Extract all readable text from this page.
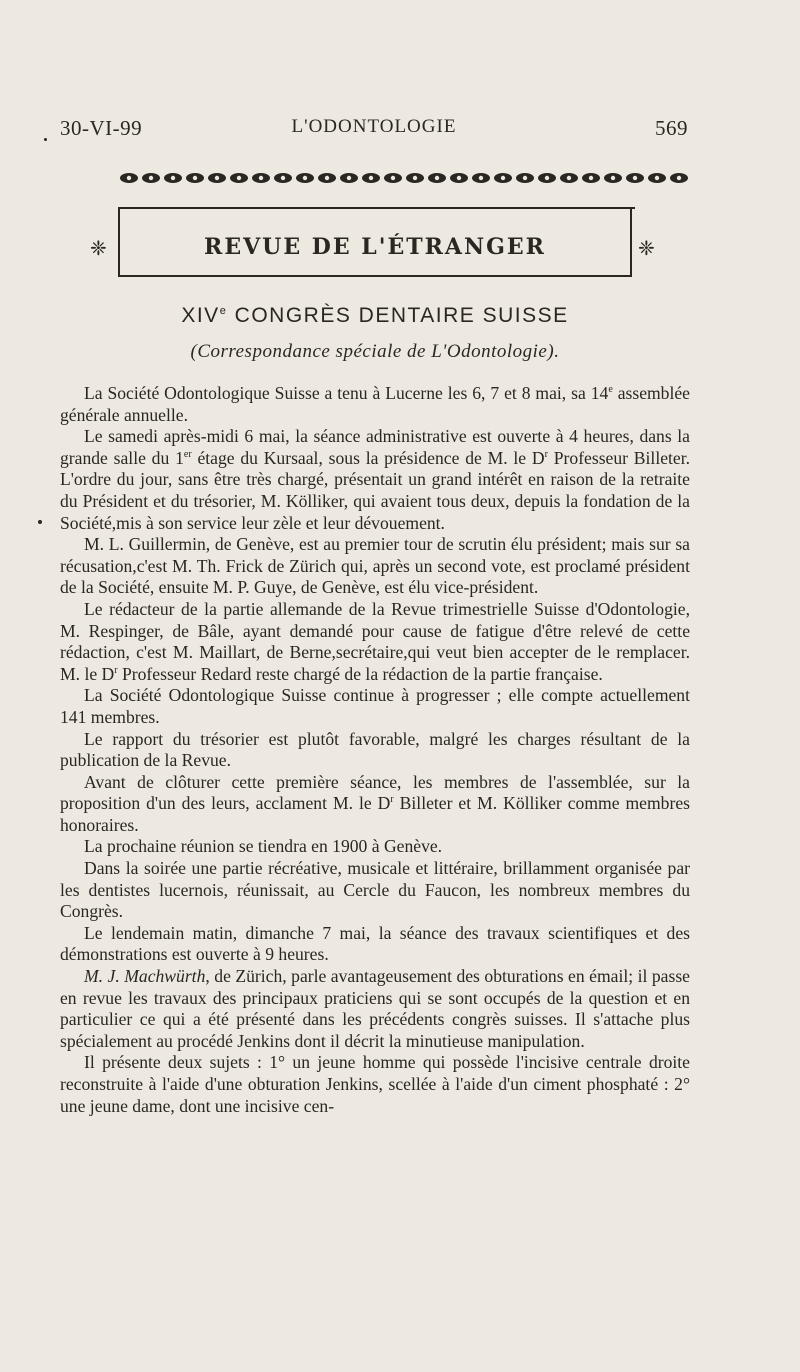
30-VI-99	L'ODONTOLOGIE	569
❈	REVUE DE L'ÉTRANGER	❈
XIVe CONGRÈS DENTAIRE SUISSE
(Correspondance spéciale de L'Odontologie).

La Société Odontologique Suisse a tenu à Lucerne les 6, 7 et 8 mai, sa 14e assemblée générale annuelle.

Le samedi après-midi 6 mai, la séance administrative est ouverte à 4 heures, dans la grande salle du 1er étage du Kursaal, sous la présidence de M. le $D^r$ Professeur Billeter. L'ordre du jour, sans être très chargé, présentait un grand intérêt en raison de la retraite du Président et du trésorier, M. Kölliker, qui avaient tous deux, depuis la fondation de la Société,mis à son service leur zèle et leur dévouement.

M. L. Guillermin, de Genève, est au premier tour de scrutin élu président; mais sur sa récusation,c'est M. Th. Frick de Zürich qui, après un second vote, est proclamé président de la Société, ensuite M. P. Guye, de Genève, est élu vice-président.

Le rédacteur de la partie allemande de la Revue trimestrielle Suisse d'Odontologie, M. Respinger, de Bâle, ayant demandé pour cause de fatigue d'être relevé de cette rédaction, c'est M. Maillart, de Berne,secrétaire,qui veut bien accepter de le remplacer. M. le $D^r$ Professeur Redard reste chargé de la rédaction de la partie française.

La Société Odontologique Suisse continue à progresser ; elle compte actuellement 141 membres.

Le rapport du trésorier est plutôt favorable, malgré les charges résultant de la publication de la Revue.

Avant de clôturer cette première séance, les membres de l'assemblée, sur la proposition d'un des leurs, acclament M. le $D^r$ Billeter et M. Kölliker comme membres honoraires.

La prochaine réunion se tiendra en 1900 à Genève.

Dans la soirée une partie récréative, musicale et littéraire, brillamment organisée par les dentistes lucernois, réunissait, au Cercle du Faucon, les nombreux membres du Congrès.

Le lendemain matin, dimanche 7 mai, la séance des travaux scientifiques et des démonstrations est ouverte à 9 heures.

M. J. Machwürth, de Zürich, parle avantageusement des obturations en émail; il passe en revue les travaux des principaux praticiens qui se sont occupés de la question et en particulier ce qui a été présenté dans les précédents congrès suisses. Il s'attache plus spécialement au procédé Jenkins dont il décrit la minutieuse manipulation.

Il présente deux sujets : 1° un jeune homme qui possède l'incisive centrale droite reconstruite à l'aide d'une obturation Jenkins, scellée à l'aide d'un ciment phosphaté : 2° une jeune dame, dont une incisive cen-
